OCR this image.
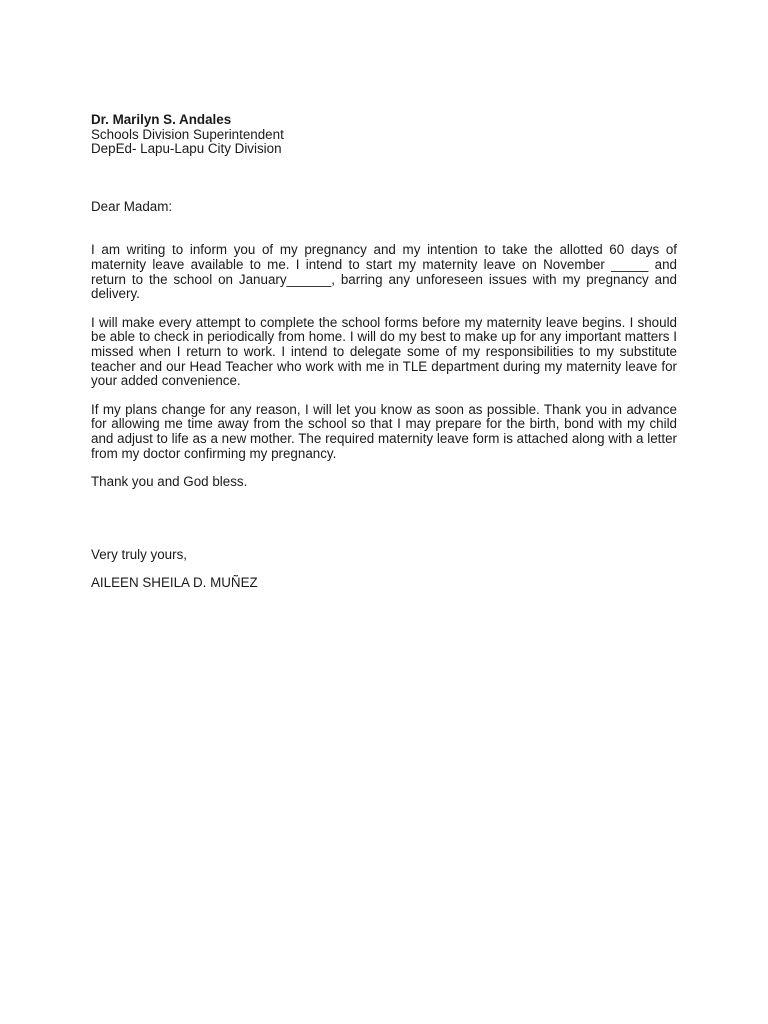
Dr. Marilyn S. Andales

Schools Division Superintendent

DepEd- Lapu-Lapu City Division

Dear Madam:

I am writing to inform you of my pregnancy and my intention to take the allotted 60 days of maternity leave available to me. I intend to start my maternity leave on November _____ and return to the school on January______, barring any unforeseen issues with my pregnancy and delivery.

I will make every attempt to complete the school forms before my maternity leave begins. I should be able to check in periodically from home. I will do my best to make up for any important matters I missed when I return to work. I intend to delegate some of my responsibilities to my substitute teacher and our Head Teacher who work with me in TLE department during my maternity leave for your added convenience.

If my plans change for any reason, I will let you know as soon as possible. Thank you in advance for allowing me time away from the school so that I may prepare for the birth, bond with my child and adjust to life as a new mother. The required maternity leave form is attached along with a letter from my doctor confirming my pregnancy.

Thank you and God bless.

Very truly yours,

AILEEN SHEILA D. MUÑEZ
